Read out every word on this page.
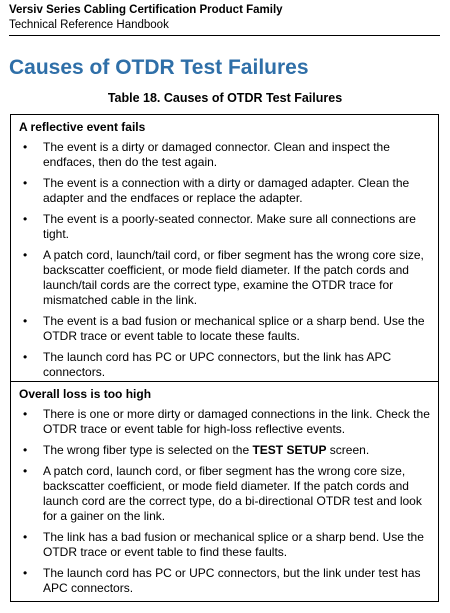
Versiv Series Cabling Certification Product Family
Technical Reference Handbook
Causes of OTDR Test Failures
Table 18. Causes of OTDR Test Failures
A reflective event fails
• The event is a dirty or damaged connector. Clean and inspect the endfaces, then do the test again.
• The event is a connection with a dirty or damaged adapter. Clean the adapter and the endfaces or replace the adapter.
• The event is a poorly-seated connector. Make sure all connections are tight.
• A patch cord, launch/tail cord, or fiber segment has the wrong core size, backscatter coefficient, or mode field diameter. If the patch cords and launch/tail cords are the correct type, examine the OTDR trace for mismatched cable in the link.
• The event is a bad fusion or mechanical splice or a sharp bend. Use the OTDR trace or event table to locate these faults.
• The launch cord has PC or UPC connectors, but the link has APC connectors.
Overall loss is too high
• There is one or more dirty or damaged connections in the link. Check the OTDR trace or event table for high-loss reflective events.
• The wrong fiber type is selected on the TEST SETUP screen.
• A patch cord, launch cord, or fiber segment has the wrong core size, backscatter coefficient, or mode field diameter. If the patch cords and launch cord are the correct type, do a bi-directional OTDR test and look for a gainer on the link.
• The link has a bad fusion or mechanical splice or a sharp bend. Use the OTDR trace or event table to find these faults.
• The launch cord has PC or UPC connectors, but the link under test has APC connectors.
